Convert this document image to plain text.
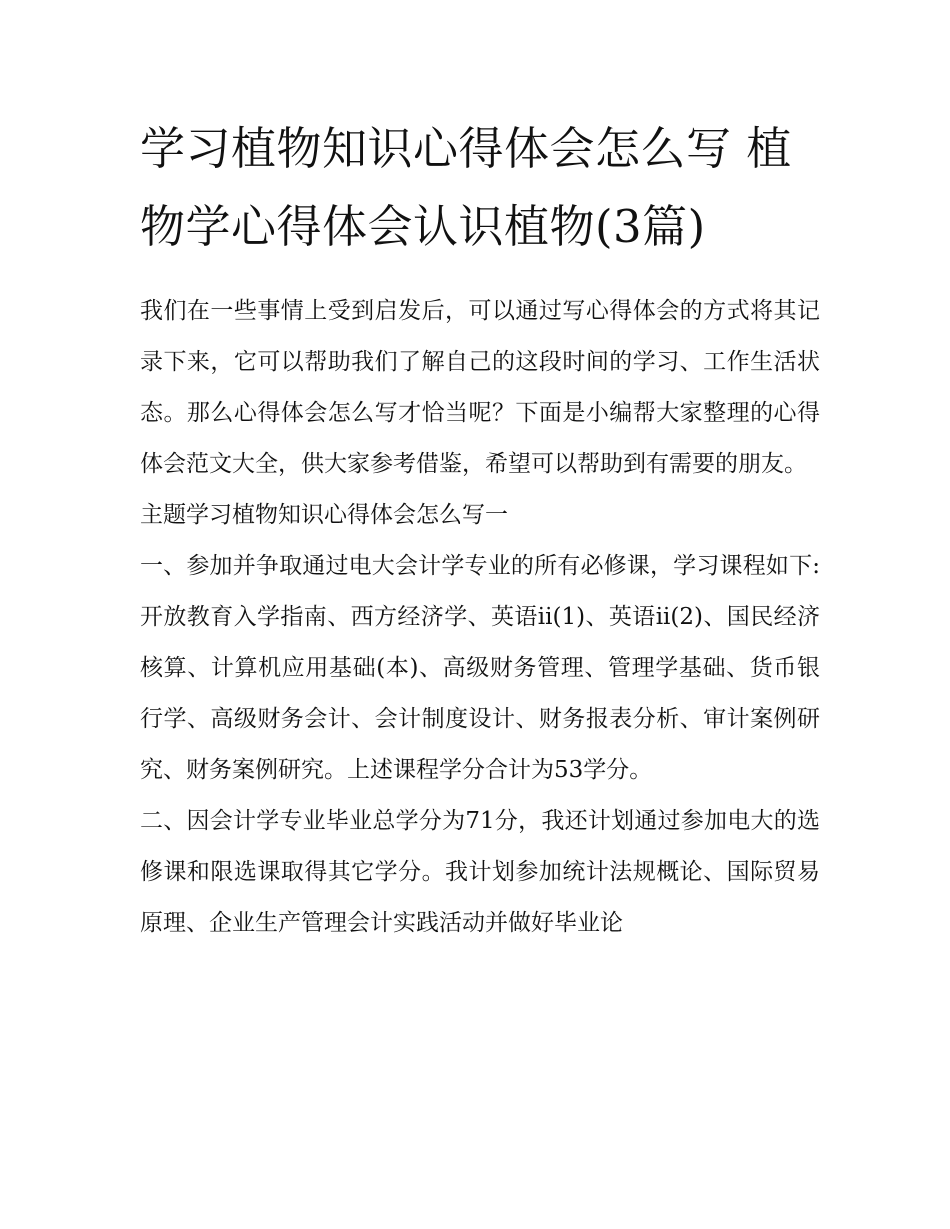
学习植物知识心得体会怎么写 植物学心得体会认识植物(3篇)

我们在一些事情上受到启发后，可以通过写心得体会的方式将其记录下来，它可以帮助我们了解自己的这段时间的学习、工作生活状态。那么心得体会怎么写才恰当呢？下面是小编帮大家整理的心得体会范文大全，供大家参考借鉴，希望可以帮助到有需要的朋友。

主题学习植物知识心得体会怎么写一

一、参加并争取通过电大会计学专业的所有必修课，学习课程如下:开放教育入学指南、西方经济学、英语ii(1)、英语ii(2)、国民经济核算、计算机应用基础(本)、高级财务管理、管理学基础、货币银行学、高级财务会计、会计制度设计、财务报表分析、审计案例研究、财务案例研究。上述课程学分合计为53学分。

二、因会计学专业毕业总学分为71分，我还计划通过参加电大的选修课和限选课取得其它学分。我计划参加统计法规概论、国际贸易原理、企业生产管理会计实践活动并做好毕业论
